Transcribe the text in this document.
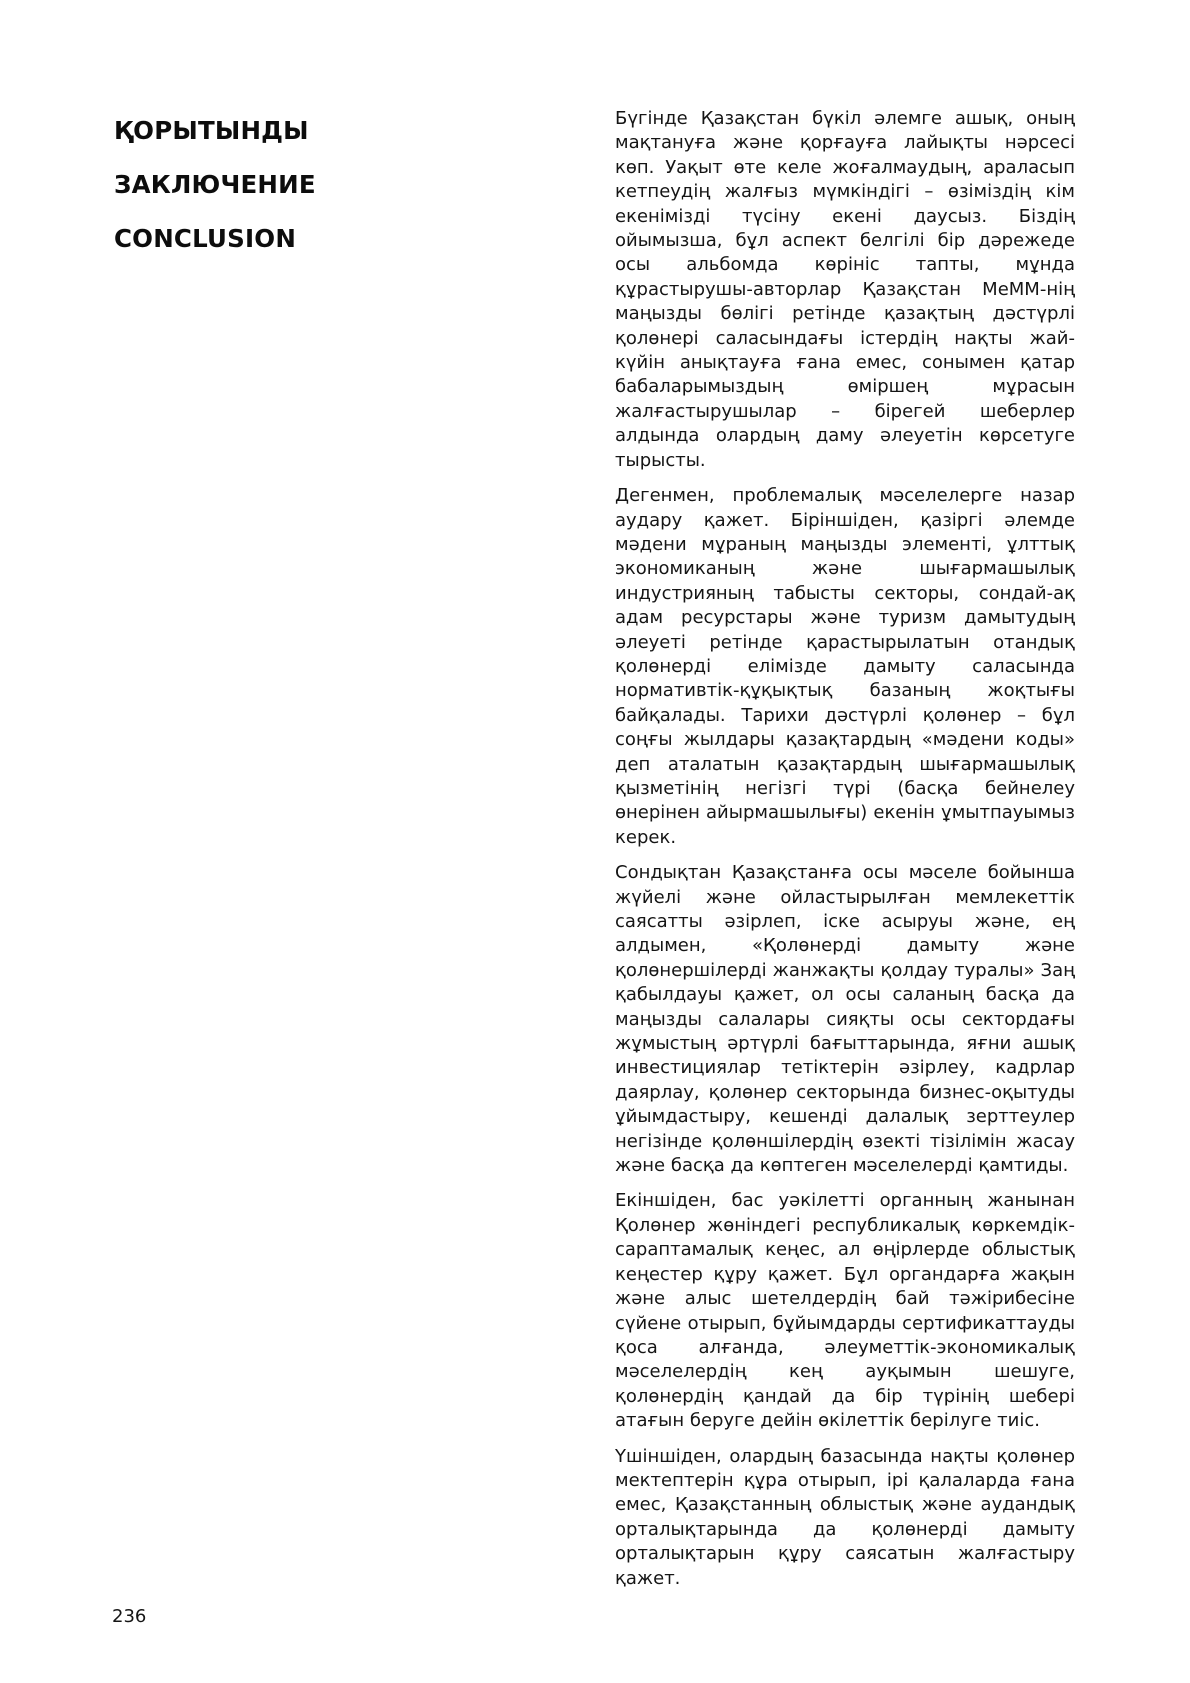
ҚОРЫТЫНДЫ
ЗАКЛЮЧЕНИЕ
CONCLUSION

Бүгінде Қазақстан бүкіл әлемге ашық, оның мақтануға және қорғауға лайықты нәрсесі көп. Уақыт өте келе жоғалмаудың, араласып кетпеудің жалғыз мүмкіндігі – өзіміздің кім екенімізді түсіну екені даусыз. Біздің ойымызша, бұл аспект белгілі бір дәрежеде осы альбомда көрініс тапты, мұнда құрастырушы-авторлар Қазақстан МеММ-нің маңызды бөлігі ретінде қазақтың дәстүрлі қолөнері саласындағы істердің нақты жай-күйін анықтауға ғана емес, сонымен қатар бабаларымыздың өміршең мұрасын жалғастырушылар – бірегей шеберлер алдында олардың даму әлеуетін көрсетуге тырысты.

Дегенмен, проблемалық мәселелерге назар аудару қажет. Біріншіден, қазіргі әлемде мәдени мұраның маңызды элементі, ұлттық экономиканың және шығармашылық индустрияның табысты секторы, сондай-ақ адам ресурстары және туризм дамытудың әлеуеті ретінде қарастырылатын отандық қолөнерді елімізде дамыту саласында нормативтік-құқықтық базаның жоқтығы байқалады. Тарихи дәстүрлі қолөнер – бұл соңғы жылдары қазақтардың «мәдени коды» деп аталатын қазақтардың шығармашылық қызметінің негізгі түрі (басқа бейнелеу өнерінен айырмашылығы) екенін ұмытпауымыз керек.

Сондықтан Қазақстанға осы мәселе бойынша жүйелі және ойластырылған мемлекеттік саясатты әзірлеп, іске асыруы және, ең алдымен, «Қолөнерді дамыту және қолөнершілерді жанжақты қолдау туралы» Заң қабылдауы қажет, ол осы саланың басқа да маңызды салалары сияқты осы сектордағы жұмыстың әртүрлі бағыттарында, яғни ашық инвестициялар тетіктерін әзірлеу, кадрлар даярлау, қолөнер секторында бизнес-оқытуды ұйымдастыру, кешенді далалық зерттеулер негізінде қолөншілердің өзекті тізілімін жасау және басқа да көптеген мәселелерді қамтиды.

Екіншіден, бас уәкілетті органның жанынан Қолөнер жөніндегі республикалық көркемдік-сараптамалық кеңес, ал өңірлерде облыстық кеңестер құру қажет. Бұл органдарға жақын және алыс шетелдердің бай тәжірибесіне сүйене отырып, бұйымдарды сертификаттауды қоса алғанда, әлеуметтік-экономикалық мәселелердің кең ауқымын шешуге, қолөнердің қандай да бір түрінің шебері атағын беруге дейін өкілеттік берілуге тиіс.

Үшіншіден, олардың базасында нақты қолөнер мектептерін құра отырып, ірі қалаларда ғана емес, Қазақстанның облыстық және аудандық орталықтарында да қолөнерді дамыту орталықтарын құру саясатын жалғастыру қажет.

236
